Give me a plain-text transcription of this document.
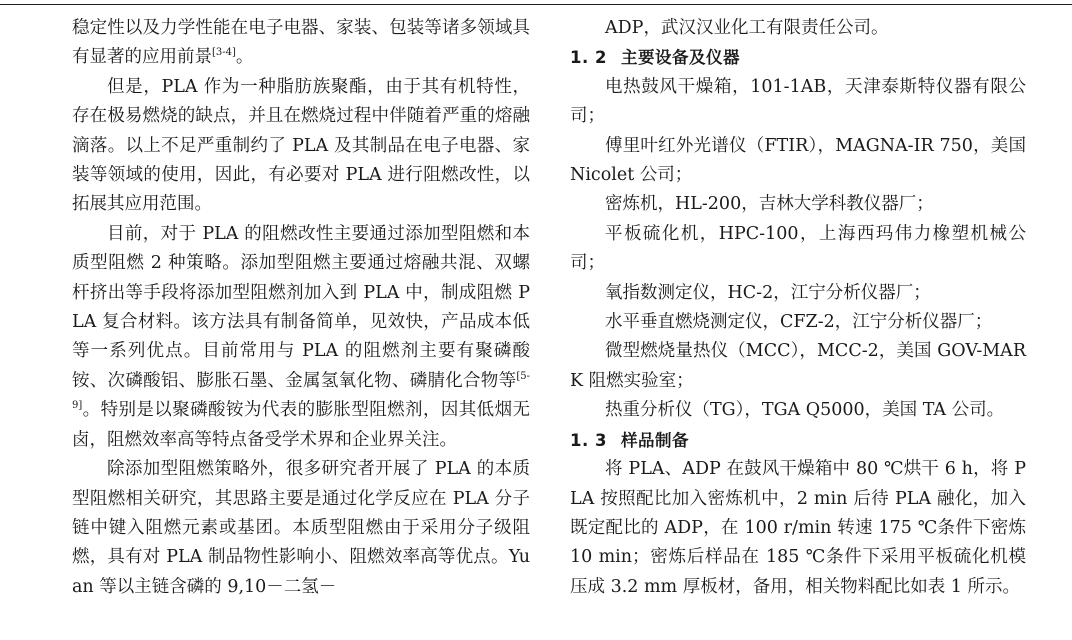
稳定性以及力学性能在电子电器、家装、包装等诸多领域具有显著的应用前景[3-4]。

但是，PLA 作为一种脂肪族聚酯，由于其有机特性，存在极易燃烧的缺点，并且在燃烧过程中伴随着严重的熔融滴落。以上不足严重制约了 PLA 及其制品在电子电器、家装等领域的使用，因此，有必要对 PLA 进行阻燃改性，以拓展其应用范围。

目前，对于 PLA 的阻燃改性主要通过添加型阻燃和本质型阻燃 2 种策略。添加型阻燃主要通过熔融共混、双螺杆挤出等手段将添加型阻燃剂加入到 PLA 中，制成阻燃 PLA 复合材料。该方法具有制备简单，见效快，产品成本低等一系列优点。目前常用与 PLA 的阻燃剂主要有聚磷酸铵、次磷酸铝、膨胀石墨、金属氢氧化物、磷腈化合物等[5-9]。特别是以聚磷酸铵为代表的膨胀型阻燃剂，因其低烟无卤，阻燃效率高等特点备受学术界和企业界关注。

除添加型阻燃策略外，很多研究者开展了 PLA 的本质型阻燃相关研究，其思路主要是通过化学反应在 PLA 分子链中键入阻燃元素或基团。本质型阻燃由于采用分子级阻燃，具有对 PLA 制品物性影响小、阻燃效率高等优点。Yuan 等以主链含磷的 9,10－二氢－

ADP，武汉汉业化工有限责任公司。

1. 2 主要设备及仪器

电热鼓风干燥箱，101-1AB，天津泰斯特仪器有限公司；

傅里叶红外光谱仪（FTIR），MAGNA-IR 750，美国 Nicolet 公司；

密炼机，HL-200，吉林大学科教仪器厂；

平板硫化机，HPC-100，上海西玛伟力橡塑机械公司；

氧指数测定仪，HC-2，江宁分析仪器厂；

水平垂直燃烧测定仪，CFZ-2，江宁分析仪器厂；

微型燃烧量热仪（MCC），MCC-2，美国 GOV-MARK 阻燃实验室；

热重分析仪（TG），TGA Q5000，美国 TA 公司。

1. 3 样品制备

将 PLA、ADP 在鼓风干燥箱中 80 ℃烘干 6 h，将 PLA 按照配比加入密炼机中，2 min 后待 PLA 融化，加入既定配比的 ADP，在 100 r/min 转速 175 ℃条件下密炼 10 min；密炼后样品在 185 ℃条件下采用平板硫化机模压成 3.2 mm 厚板材，备用，相关物料配比如表 1 所示。
